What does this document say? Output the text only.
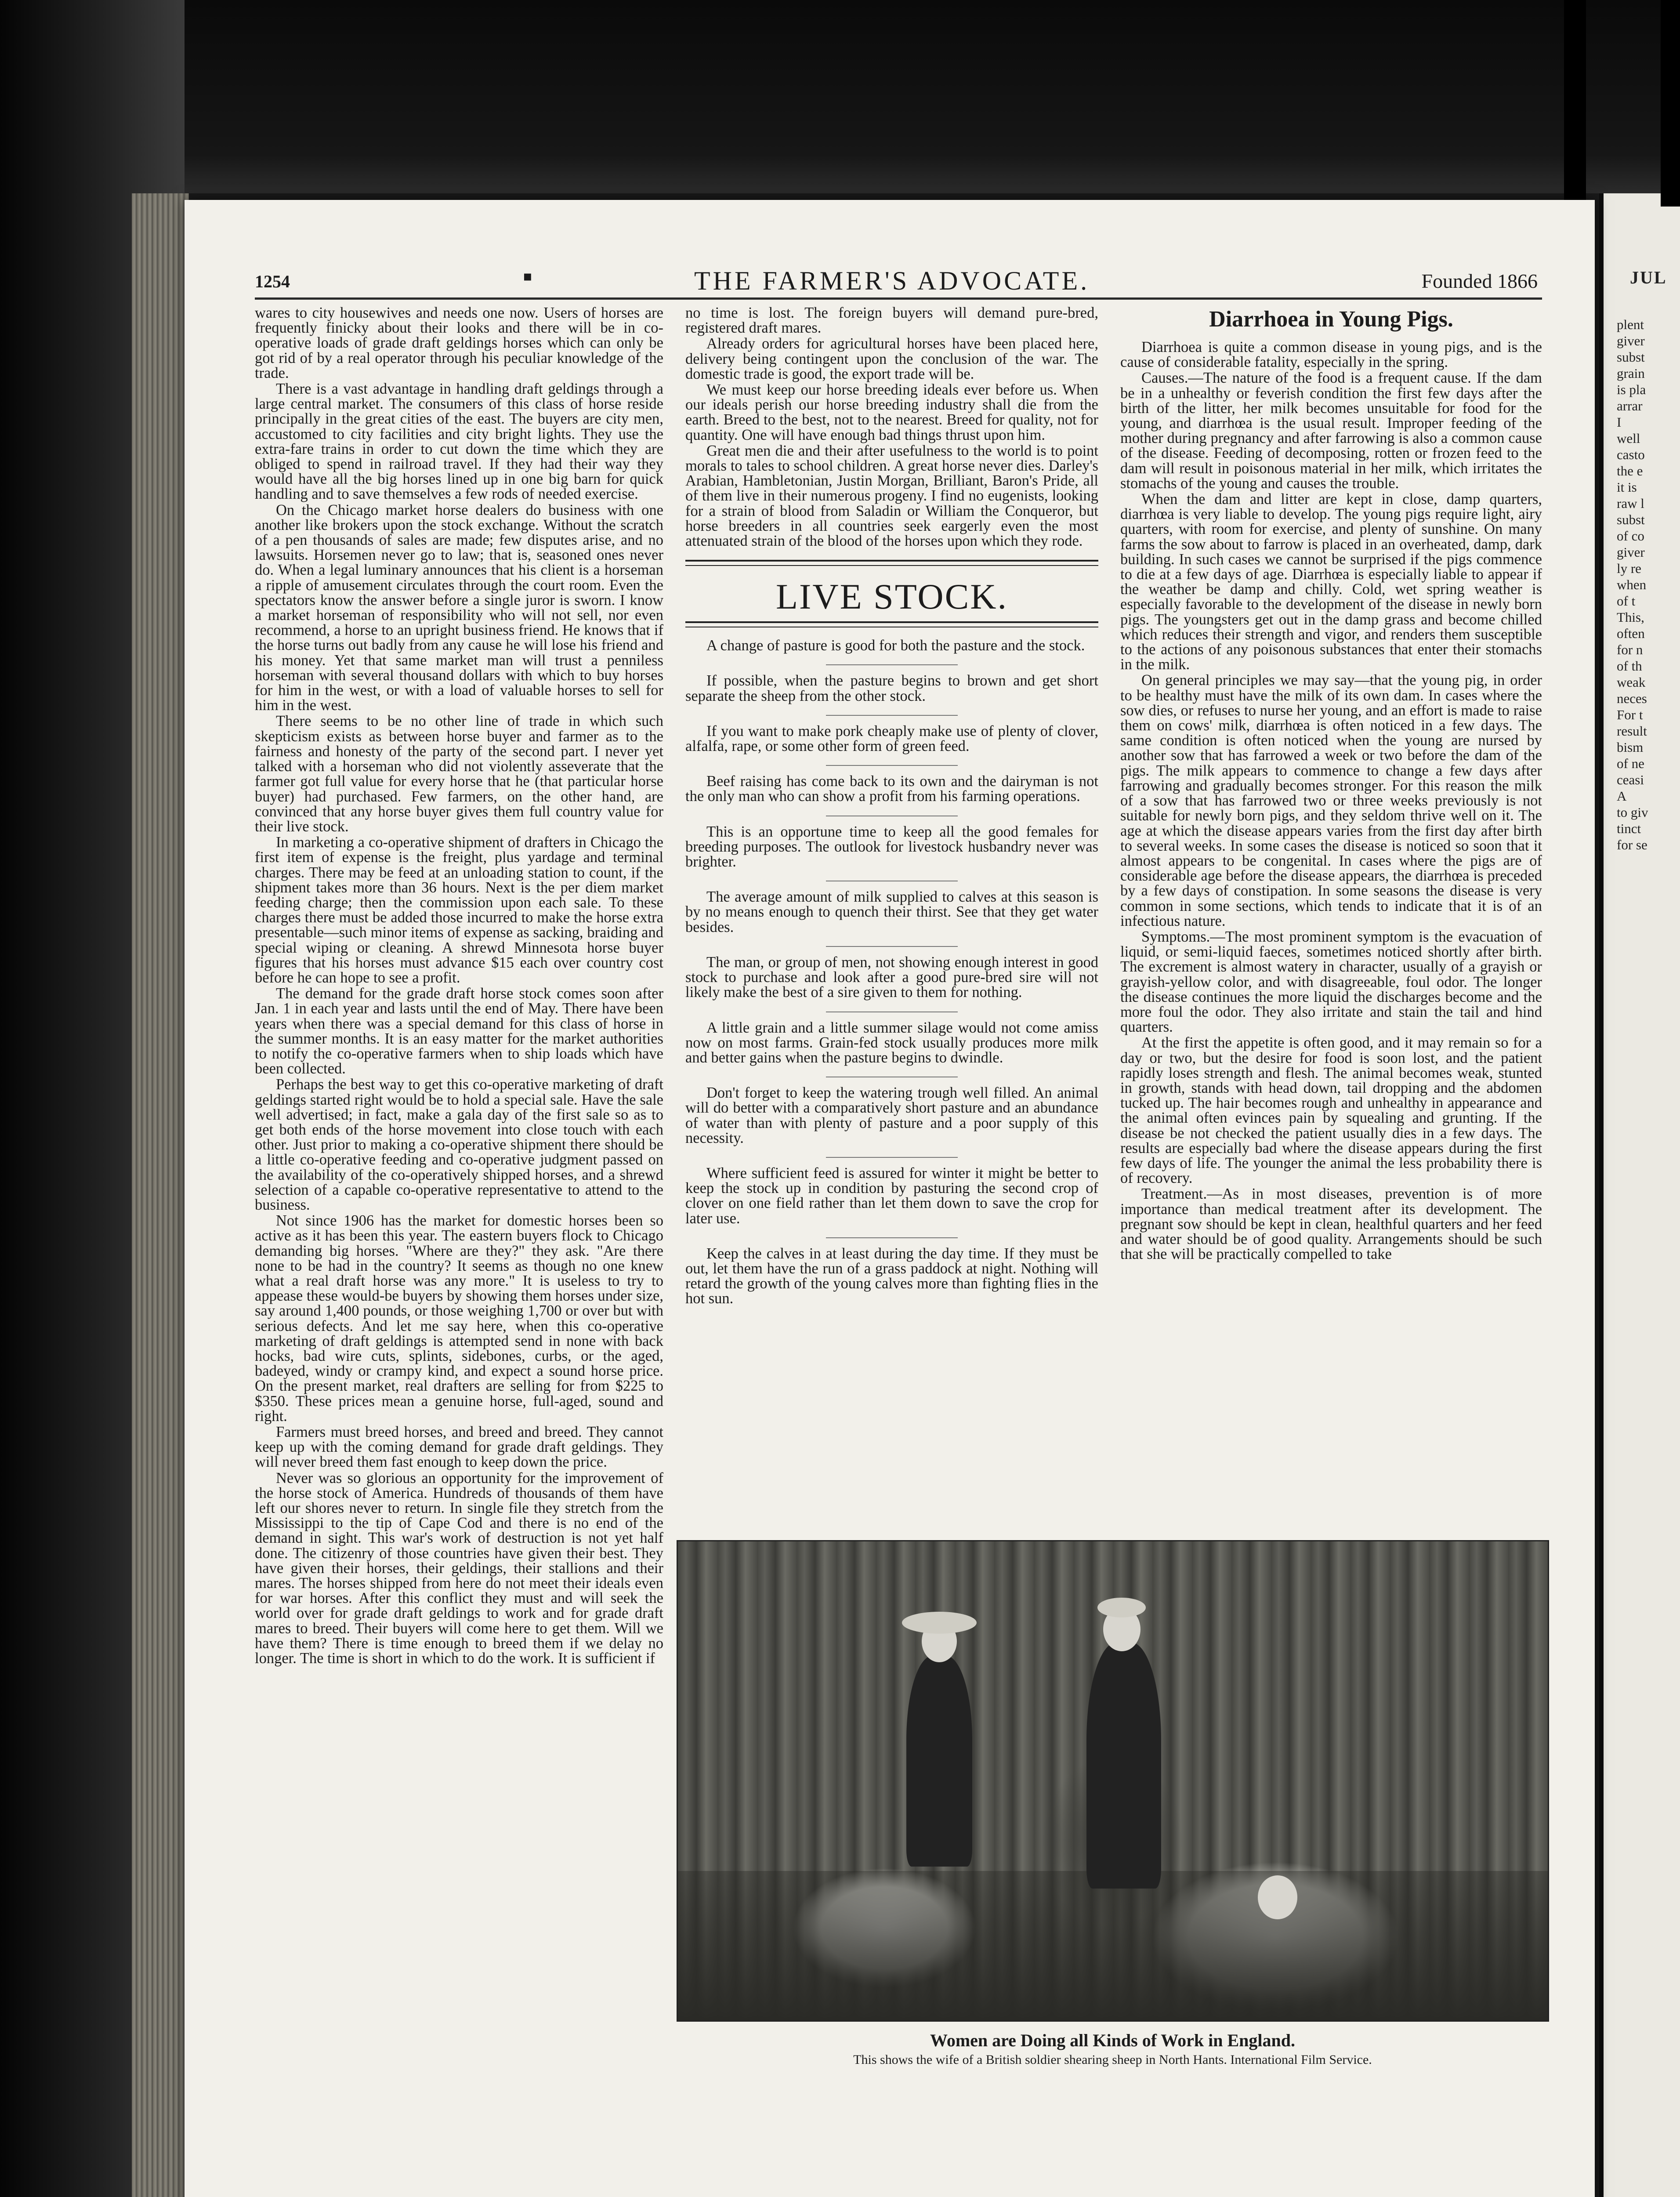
JUL
plent
giver
subst
grain
is pla
arrar
I
well
casto
the e
it is
raw l
subst
of co
giver
ly re
when
of t
This,
often
for n
of th
weak
neces
For t
result
bism
of ne
ceasi
A
to giv
tinct
for se
1254	▪	THE FARMER'S ADVOCATE.	Founded 1866

wares to city housewives and needs one now. Users of horses are frequently finicky about their looks and there will be in co-operative loads of grade draft geldings horses which can only be got rid of by a real operator through his peculiar knowledge of the trade.

There is a vast advantage in handling draft geldings through a large central market. The consumers of this class of horse reside principally in the great cities of the east. The buyers are city men, accustomed to city facilities and city bright lights. They use the extra-fare trains in order to cut down the time which they are obliged to spend in railroad travel. If they had their way they would have all the big horses lined up in one big barn for quick handling and to save themselves a few rods of needed exercise.

On the Chicago market horse dealers do business with one another like brokers upon the stock exchange. Without the scratch of a pen thousands of sales are made; few disputes arise, and no lawsuits. Horsemen never go to law; that is, seasoned ones never do. When a legal luminary announces that his client is a horseman a ripple of amusement circulates through the court room. Even the spectators know the answer before a single juror is sworn. I know a market horseman of responsibility who will not sell, nor even recommend, a horse to an upright business friend. He knows that if the horse turns out badly from any cause he will lose his friend and his money. Yet that same market man will trust a penniless horseman with several thousand dollars with which to buy horses for him in the west, or with a load of valuable horses to sell for him in the west.

There seems to be no other line of trade in which such skepticism exists as between horse buyer and farmer as to the fairness and honesty of the party of the second part. I never yet talked with a horseman who did not violently asseverate that the farmer got full value for every horse that he (that particular horse buyer) had purchased. Few farmers, on the other hand, are convinced that any horse buyer gives them full country value for their live stock.

In marketing a co-operative shipment of drafters in Chicago the first item of expense is the freight, plus yardage and terminal charges. There may be feed at an unloading station to count, if the shipment takes more than 36 hours. Next is the per diem market feeding charge; then the commission upon each sale. To these charges there must be added those incurred to make the horse extra presentable—such minor items of expense as sacking, braiding and special wiping or cleaning. A shrewd Minnesota horse buyer figures that his horses must advance $15 each over country cost before he can hope to see a profit.

The demand for the grade draft horse stock comes soon after Jan. 1 in each year and lasts until the end of May. There have been years when there was a special demand for this class of horse in the summer months. It is an easy matter for the market authorities to notify the co-operative farmers when to ship loads which have been collected.

Perhaps the best way to get this co-operative marketing of draft geldings started right would be to hold a special sale. Have the sale well advertised; in fact, make a gala day of the first sale so as to get both ends of the horse movement into close touch with each other. Just prior to making a co-operative shipment there should be a little co-operative feeding and co-operative judgment passed on the availability of the co-operatively shipped horses, and a shrewd selection of a capable co-operative representative to attend to the business.

Not since 1906 has the market for domestic horses been so active as it has been this year. The eastern buyers flock to Chicago demanding big horses. "Where are they?" they ask. "Are there none to be had in the country? It seems as though no one knew what a real draft horse was any more." It is useless to try to appease these would-be buyers by showing them horses under size, say around 1,400 pounds, or those weighing 1,700 or over but with serious defects. And let me say here, when this co-operative marketing of draft geldings is attempted send in none with back hocks, bad wire cuts, splints, sidebones, curbs, or the aged, badeyed, windy or crampy kind, and expect a sound horse price. On the present market, real drafters are selling for from $225 to $350. These prices mean a genuine horse, full-aged, sound and right.

Farmers must breed horses, and breed and breed. They cannot keep up with the coming demand for grade draft geldings. They will never breed them fast enough to keep down the price.

Never was so glorious an opportunity for the improvement of the horse stock of America. Hundreds of thousands of them have left our shores never to return. In single file they stretch from the Mississippi to the tip of Cape Cod and there is no end of the demand in sight. This war's work of destruction is not yet half done. The citizenry of those countries have given their best. They have given their horses, their geldings, their stallions and their mares. The horses shipped from here do not meet their ideals even for war horses. After this conflict they must and will seek the world over for grade draft geldings to work and for grade draft mares to breed. Their buyers will come here to get them. Will we have them? There is time enough to breed them if we delay no longer. The time is short in which to do the work. It is sufficient if

no time is lost. The foreign buyers will demand pure-bred, registered draft mares.

Already orders for agricultural horses have been placed here, delivery being contingent upon the conclusion of the war. The domestic trade is good, the export trade will be.

We must keep our horse breeding ideals ever before us. When our ideals perish our horse breeding industry shall die from the earth. Breed to the best, not to the nearest. Breed for quality, not for quantity. One will have enough bad things thrust upon him.

Great men die and their after usefulness to the world is to point morals to tales to school children. A great horse never dies. Darley's Arabian, Hambletonian, Justin Morgan, Brilliant, Baron's Pride, all of them live in their numerous progeny. I find no eugenists, looking for a strain of blood from Saladin or William the Conqueror, but horse breeders in all countries seek eargerly even the most attenuated strain of the blood of the horses upon which they rode.

LIVE STOCK.

A change of pasture is good for both the pasture and the stock.

If possible, when the pasture begins to brown and get short separate the sheep from the other stock.

If you want to make pork cheaply make use of plenty of clover, alfalfa, rape, or some other form of green feed.

Beef raising has come back to its own and the dairyman is not the only man who can show a profit from his farming operations.

This is an opportune time to keep all the good females for breeding purposes. The outlook for livestock husbandry never was brighter.

The average amount of milk supplied to calves at this season is by no means enough to quench their thirst. See that they get water besides.

The man, or group of men, not showing enough interest in good stock to purchase and look after a good pure-bred sire will not likely make the best of a sire given to them for nothing.

A little grain and a little summer silage would not come amiss now on most farms. Grain-fed stock usually produces more milk and better gains when the pasture begins to dwindle.

Don't forget to keep the watering trough well filled. An animal will do better with a comparatively short pasture and an abundance of water than with plenty of pasture and a poor supply of this necessity.

Where sufficient feed is assured for winter it might be better to keep the stock up in condition by pasturing the second crop of clover on one field rather than let them down to save the crop for later use.

Keep the calves in at least during the day time. If they must be out, let them have the run of a grass paddock at night. Nothing will retard the growth of the young calves more than fighting flies in the hot sun.

Diarrhoea in Young Pigs.

Diarrhoea is quite a common disease in young pigs, and is the cause of considerable fatality, especially in the spring.

Causes.—The nature of the food is a frequent cause. If the dam be in a unhealthy or feverish condition the first few days after the birth of the litter, her milk becomes unsuitable for food for the young, and diarrhœa is the usual result. Improper feeding of the mother during pregnancy and after farrowing is also a common cause of the disease. Feeding of decomposing, rotten or frozen feed to the dam will result in poisonous material in her milk, which irritates the stomachs of the young and causes the trouble.

When the dam and litter are kept in close, damp quarters, diarrhœa is very liable to develop. The young pigs require light, airy quarters, with room for exercise, and plenty of sunshine. On many farms the sow about to farrow is placed in an overheated, damp, dark building. In such cases we cannot be surprised if the pigs commence to die at a few days of age. Diarrhœa is especially liable to appear if the weather be damp and chilly. Cold, wet spring weather is especially favorable to the development of the disease in newly born pigs. The youngsters get out in the damp grass and become chilled which reduces their strength and vigor, and renders them susceptible to the actions of any poisonous substances that enter their stomachs in the milk.

On general principles we may say—that the young pig, in order to be healthy must have the milk of its own dam. In cases where the sow dies, or refuses to nurse her young, and an effort is made to raise them on cows' milk, diarrhœa is often noticed in a few days. The same condition is often noticed when the young are nursed by another sow that has farrowed a week or two before the dam of the pigs. The milk appears to commence to change a few days after farrowing and gradually becomes stronger. For this reason the milk of a sow that has farrowed two or three weeks previously is not suitable for newly born pigs, and they seldom thrive well on it. The age at which the disease appears varies from the first day after birth to several weeks. In some cases the disease is noticed so soon that it almost appears to be congenital. In cases where the pigs are of considerable age before the disease appears, the diarrhœa is preceded by a few days of constipation. In some seasons the disease is very common in some sections, which tends to indicate that it is of an infectious nature.

Symptoms.—The most prominent symptom is the evacuation of liquid, or semi-liquid faeces, sometimes noticed shortly after birth. The excrement is almost watery in character, usually of a grayish or grayish-yellow color, and with disagreeable, foul odor. The longer the disease continues the more liquid the discharges become and the more foul the odor. They also irritate and stain the tail and hind quarters.

At the first the appetite is often good, and it may remain so for a day or two, but the desire for food is soon lost, and the patient rapidly loses strength and flesh. The animal becomes weak, stunted in growth, stands with head down, tail dropping and the abdomen tucked up. The hair becomes rough and unhealthy in appearance and the animal often evinces pain by squealing and grunting. If the disease be not checked the patient usually dies in a few days. The results are especially bad where the disease appears during the first few days of life. The younger the animal the less probability there is of recovery.

Treatment.—As in most diseases, prevention is of more importance than medical treatment after its development. The pregnant sow should be kept in clean, healthful quarters and her feed and water should be of good quality. Arrangements should be such that she will be practically compelled to take

Women are Doing all Kinds of Work in England.
This shows the wife of a British soldier shearing sheep in North Hants. International Film Service.
